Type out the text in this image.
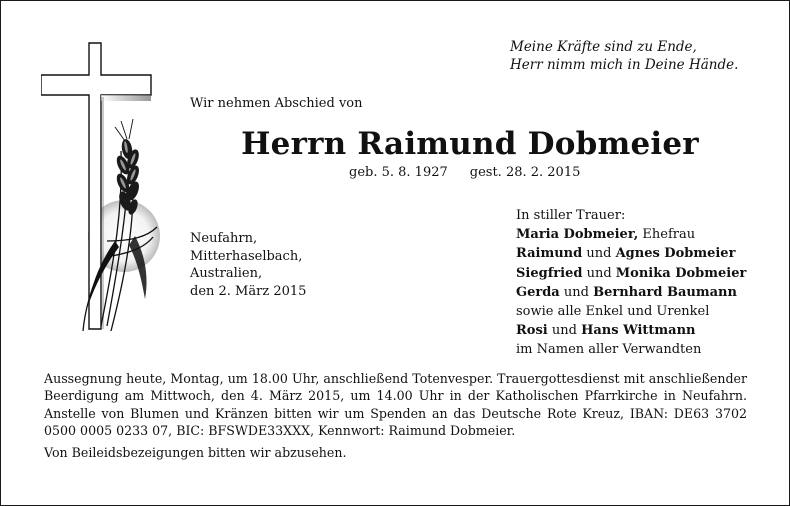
Meine Kräfte sind zu Ende,
Herr nimm mich in Deine Hände.
Wir nehmen Abschied von
Herrn Raimund Dobmeier
geb. 5. 8. 1927 gest. 28. 2. 2015
Neufahrn,
Mitterhaselbach,
Australien,
den 2. März 2015
In stiller Trauer:
Maria Dobmeier, Ehefrau
Raimund und Agnes Dobmeier
Siegfried und Monika Dobmeier
Gerda und Bernhard Baumann
sowie alle Enkel und Urenkel
Rosi und Hans Wittmann
im Namen aller Verwandten

Aussegnung heute, Montag, um 18.00 Uhr, anschließend Totenvesper. Trauergottesdienst mit anschließender Beerdigung am Mittwoch, den 4. März 2015, um 14.00 Uhr in der Katholischen Pfarrkirche in Neufahrn. Anstelle von Blumen und Kränzen bitten wir um Spenden an das Deutsche Rote Kreuz, IBAN: DE63 3702 0500 0005 0233 07, BIC: BFSWDE33XXX, Kennwort: Raimund Dobmeier.

Von Beileidsbezeigungen bitten wir abzusehen.
